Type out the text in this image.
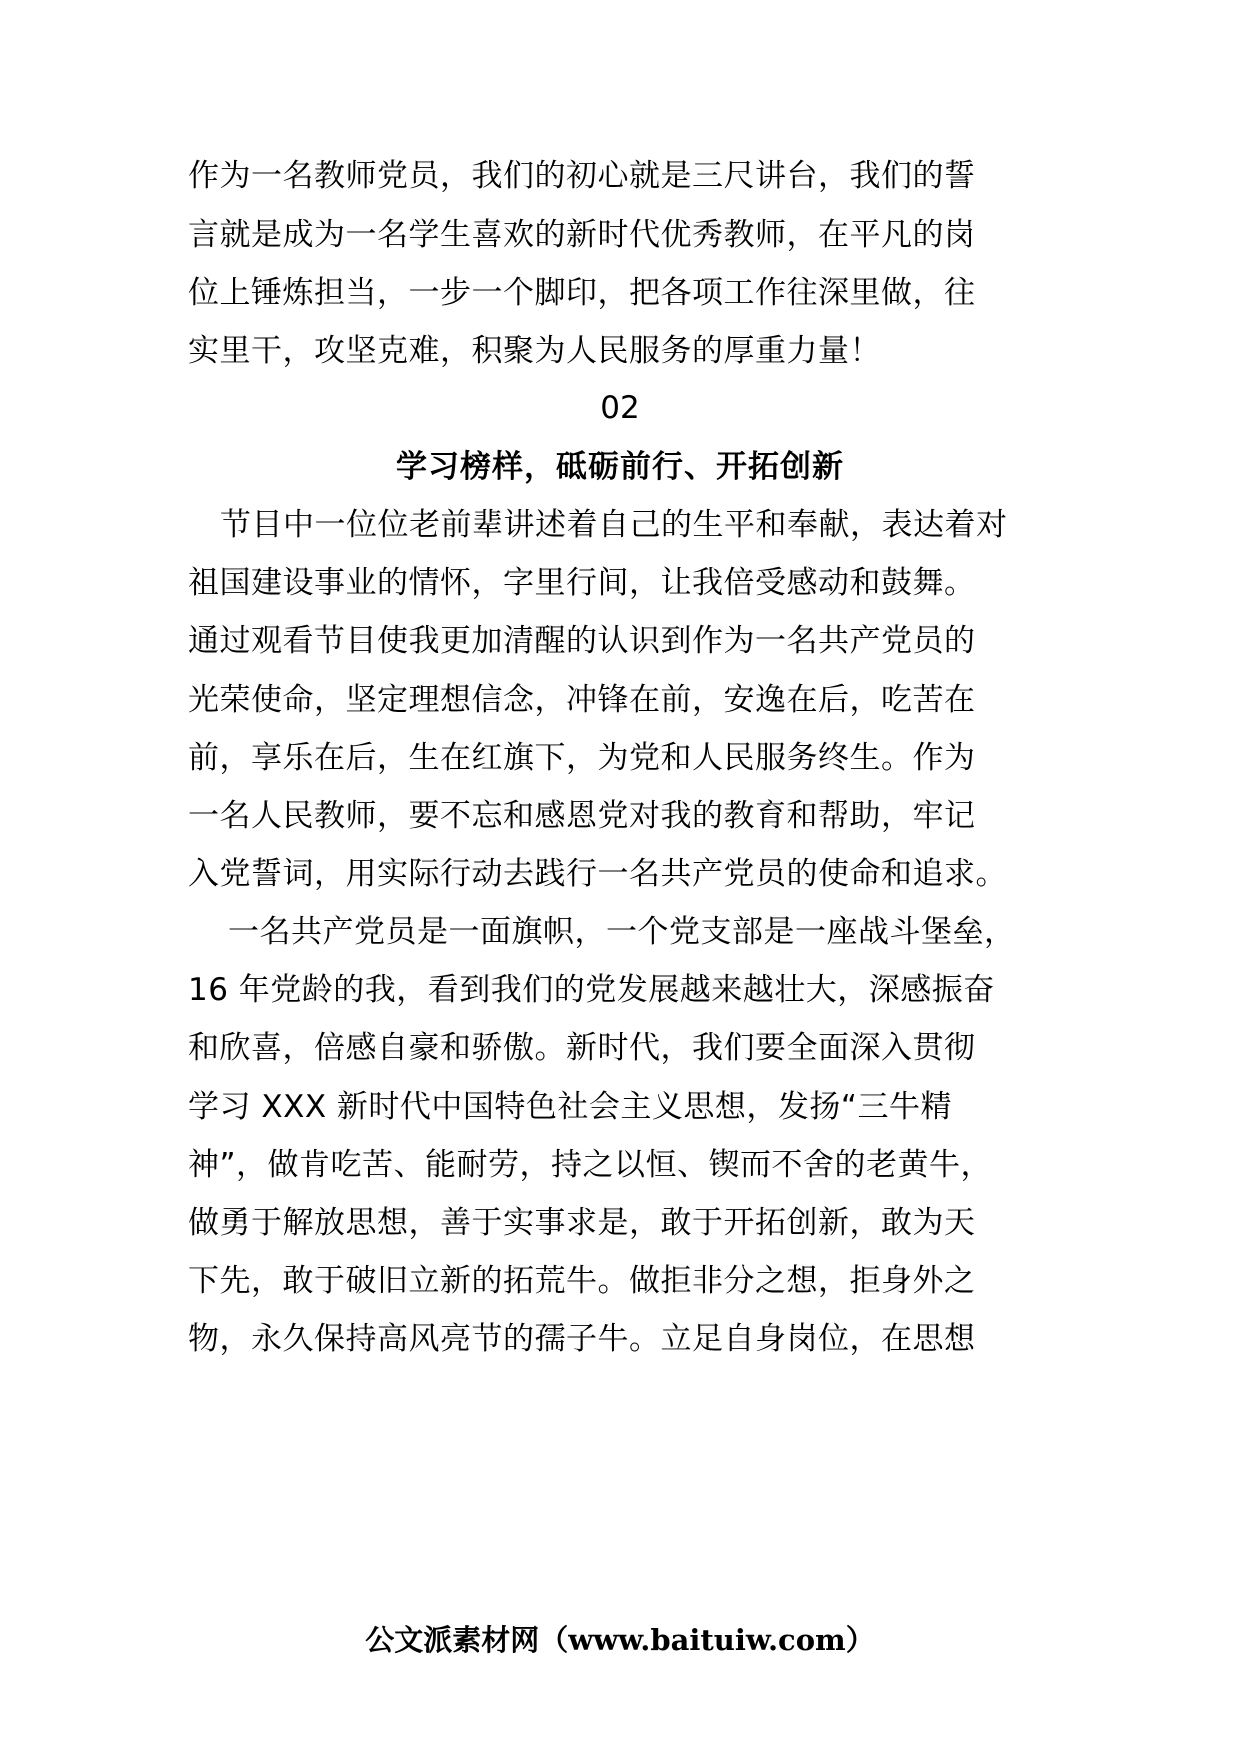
作为一名教师党员，我们的初心就是三尺讲台，我们的誓
言就是成为一名学生喜欢的新时代优秀教师，在平凡的岗
位上锤炼担当，一步一个脚印，把各项工作往深里做，往
实里干，攻坚克难，积聚为人民服务的厚重力量！
02
学习榜样，砥砺前行、开拓创新
节目中一位位老前辈讲述着自己的生平和奉献，表达着对
祖国建设事业的情怀，字里行间，让我倍受感动和鼓舞。
通过观看节目使我更加清醒的认识到作为一名共产党员的
光荣使命，坚定理想信念，冲锋在前，安逸在后，吃苦在
前，享乐在后，生在红旗下，为党和人民服务终生。作为
一名人民教师，要不忘和感恩党对我的教育和帮助，牢记
入党誓词，用实际行动去践行一名共产党员的使命和追求。
一名共产党员是一面旗帜，一个党支部是一座战斗堡垒，
16 年党龄的我，看到我们的党发展越来越壮大，深感振奋
和欣喜，倍感自豪和骄傲。新时代，我们要全面深入贯彻
学习 XXX 新时代中国特色社会主义思想，发扬“三牛精
神”，做肯吃苦、能耐劳，持之以恒、锲而不舍的老黄牛，
做勇于解放思想，善于实事求是，敢于开拓创新，敢为天
下先，敢于破旧立新的拓荒牛。做拒非分之想，拒身外之
物，永久保持高风亮节的孺子牛。立足自身岗位，在思想
公文派素材网（www.baituiw.com）
